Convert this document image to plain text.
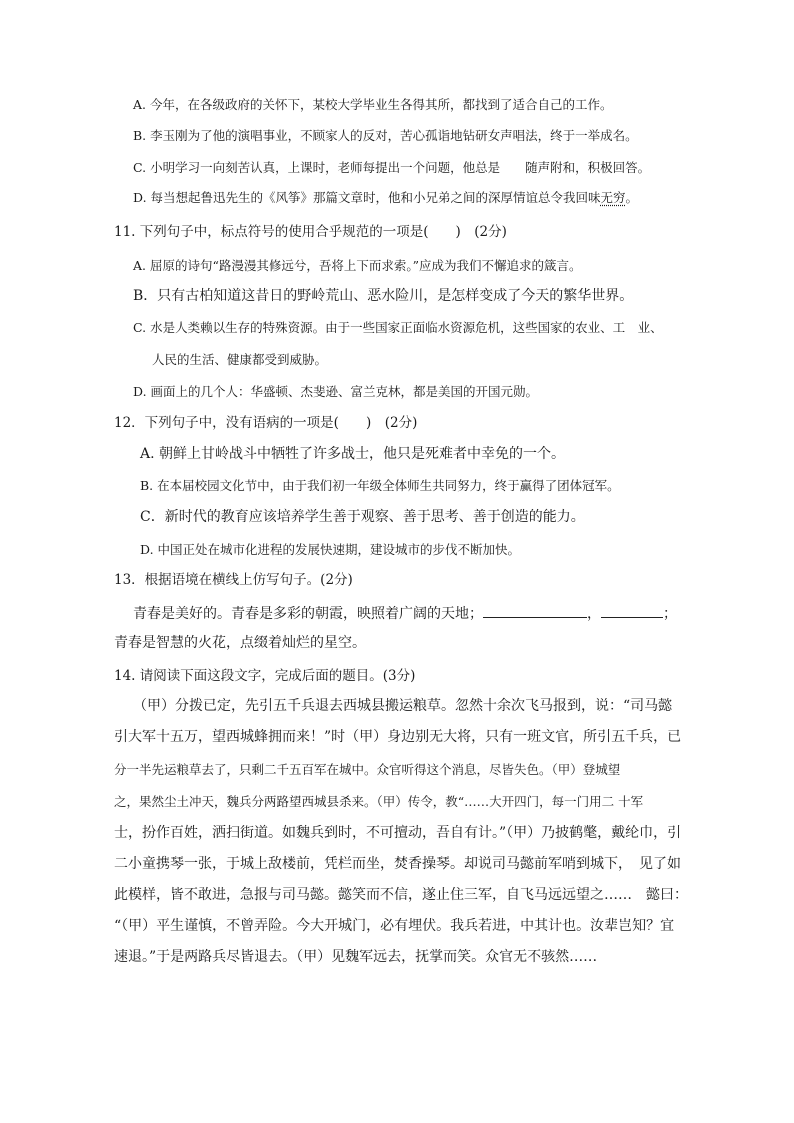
A. 今年，在各级政府的关怀下，某校大学毕业生各得其所，都找到了适合自己的工作。
B. 李玉刚为了他的演唱事业，不顾家人的反对，苦心孤诣地钻研女声唱法，终于一举成名。
C. 小明学习一向刻苦认真，上课时，老师每提出一个问题，他总是　　随声附和，积极回答。
D. 每当想起鲁迅先生的《风筝》那篇文章时，他和小兄弟之间的深厚情谊总令我回味无穷。
11. 下列句子中，标点符号的使用合乎规范的一项是(　　)　(2分)
A. 屈原的诗句“路漫漫其修远兮，吾将上下而求索。”应成为我们不懈追求的箴言。
B．只有古柏知道这昔日的野岭荒山、恶水险川，是怎样变成了今天的繁华世界。
C. 水是人类赖以生存的特殊资源。由于一些国家正面临水资源危机，这些国家的农业、工　业、
人民的生活、健康都受到威胁。
D. 画面上的几个人：华盛顿、杰斐逊、富兰克林，都是美国的开国元勋。
12．下列句子中，没有语病的一项是(　　)　(2分)
A. 朝鲜上甘岭战斗中牺牲了许多战士，他只是死难者中幸免的一个。
B. 在本届校园文化节中，由于我们初一年级全体师生共同努力，终于赢得了团体冠军。
C．新时代的教育应该培养学生善于观察、善于思考、善于创造的能力。
D. 中国正处在城市化进程的发展快速期，建设城市的步伐不断加快。
13．根据语境在横线上仿写句子。(2分)
青春是美好的。青春是多彩的朝霞，映照着广阔的天地；	，	；
青春是智慧的火花，点缀着灿烂的星空。
14. 请阅读下面这段文字，完成后面的题目。(3分)
（甲）分拨已定，先引五千兵退去西城县搬运粮草。忽然十余次飞马报到，说：“司马懿
引大军十五万，望西城蜂拥而来！”时（甲）身边别无大将，只有一班文官，所引五千兵，已
分一半先运粮草去了，只剩二千五百军在城中。众官听得这个消息，尽皆失色。（甲）登城望
之，果然尘土冲天，魏兵分两路望西城县杀来。（甲）传令，教“……大开四门，每一门用二 十军
士，扮作百姓，洒扫街道。如魏兵到时，不可擅动，吾自有计。”（甲）乃披鹤氅，戴纶巾，引
二小童携琴一张，于城上敌楼前，凭栏而坐，焚香操琴。却说司马懿前军哨到城下，　见了如
此模样，皆不敢进，急报与司马懿。懿笑而不信，遂止住三军，自飞马远远望之……　懿曰：
“（甲）平生谨慎，不曾弄险。今大开城门，必有埋伏。我兵若进，中其计也。汝辈岂知？宜
速退。”于是两路兵尽皆退去。（甲）见魏军远去，抚掌而笑。众官无不骇然……
